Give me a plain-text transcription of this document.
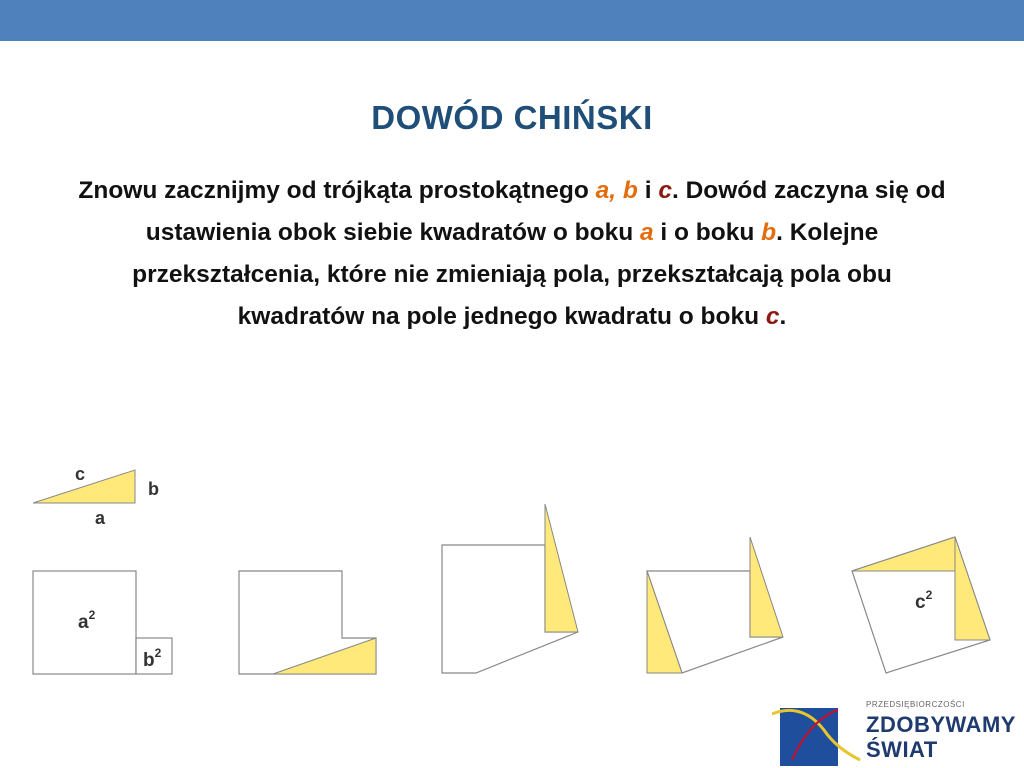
DOWÓD CHIŃSKI
Znowu zacznijmy od trójkąta prostokątnego a, b i c. Dowód zaczyna się od ustawienia obok siebie kwadratów o boku a i o boku b. Kolejne przekształcenia, które nie zmieniają pola, przekształcają pola obu kwadratów na pole jednego kwadratu o boku c.
c
b
a
$a^2$
$b^2$
$c^2$
PRZEDSIĘBIORCZOŚCI
ZDOBYWAMY
ŚWIAT
